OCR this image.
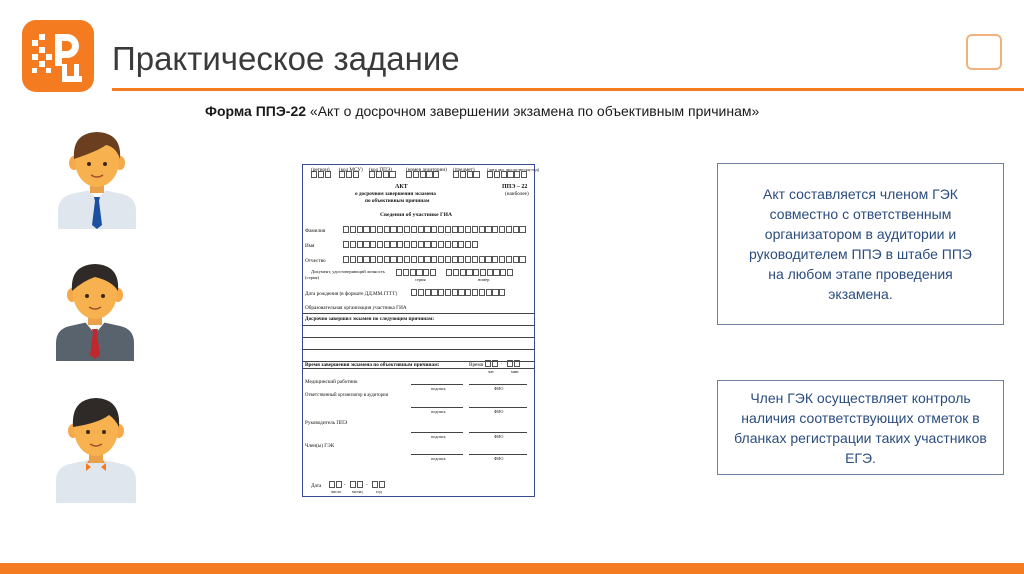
Практическое задание
Форма ППЭ-22 «Акт о досрочном завершении экзамена по объективным причинам»
(регион) (код МСУ) (код ППЭ)	(номер аудитории) (предмет)	(дата экз. число-месяц-год)
АКТ
о досрочном завершении экзамена
по объективным причинам
ППЭ – 22
(наиболее)
Сведения об участнике ГИА
Фамилия
Имя
Отчество
Документ, удостоверяющий личность
(серия)	серия	номер
Дата рождения (в формате ДД.ММ.ГГГГ)
Образовательная организация участника ГИА
Досрочно завершил экзамен по следующим причинам:
Время завершения экзамена по объективным причинам:	Время	:
час	мин
Медицинский работник
подпись	ФИО
Ответственный организатор в аудитории
подпись	ФИО
Руководитель ППЭ
подпись	ФИО
Член(ы) ГЭК
подпись	ФИО
Дата	-	-
число	месяц	год
Акт составляется членом ГЭК совместно с ответственным организатором в аудитории и руководителем ППЭ в штабе ППЭ на любом этапе проведения экзамена.
Член ГЭК осуществляет контроль наличия соответствующих отметок в бланках регистрации таких участников ЕГЭ.
